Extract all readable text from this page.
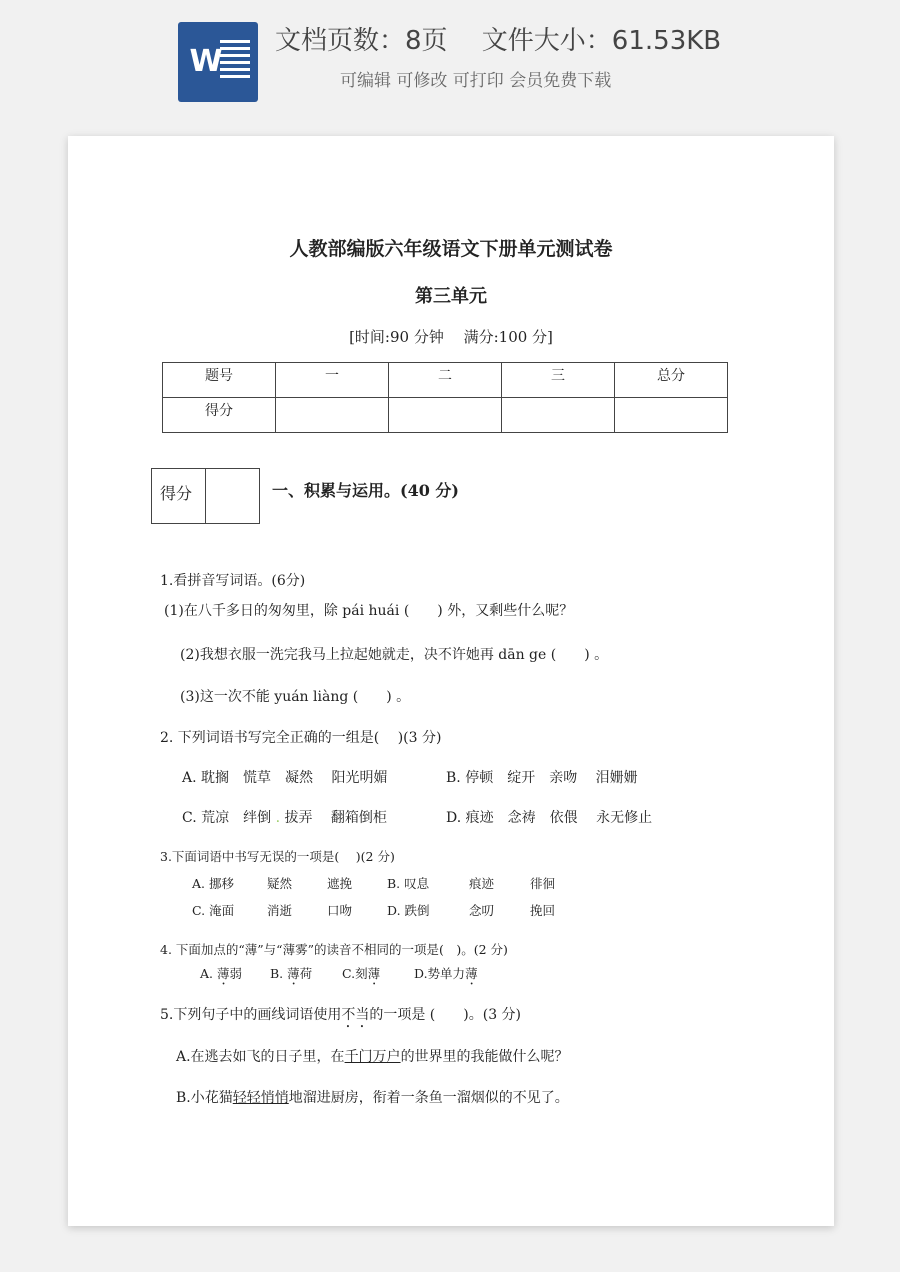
W
文档页数：8页　 文件大小：61.53KB
可编辑 可修改 可打印 会员免费下载
人教部编版六年级语文下册单元测试卷
第三单元
[时间:90 分钟　 满分:100 分]
题号	一	二	三	总分
得分				
得分	一、积累与运用。(40 分)
1.看拼音写词语。(6分)
(1)在八千多日的匆匆里，除 pái huái (　　) 外，又剩些什么呢？
(2)我想衣服一洗完我马上拉起她就走，决不许她再 dān ge (　　) 。
(3)这一次不能 yuán liàng (　　) 。
2. 下列词语书写完全正确的一组是(　 )(3 分)
A. 耽搁　慌草　凝然　 阳光明媚	B. 停顿　绽开　亲吻　 泪姗姗
C. 荒凉　绊倒 . 拔弄　 翻箱倒柜	D. 痕迹　念祷　依偎　 永无修止
3.下面词语中书写无误的一项是(　 )(2 分)
A. 挪移	疑然	遮挽	B. 叹息	痕迹	徘徊
C. 淹面	消逝	口吻	D. 跌倒	念叨	挽回
4. 下面加点的“薄”与“薄雾”的读音不相同的一项是(　)。(2 分)
A. 薄弱 B. 薄荷 C.刻薄	D.势单力薄
5.下列句子中的画线词语使用不当的一项是 (　　)。(3 分)
A.在逃去如飞的日子里，在千门万户的世界里的我能做什么呢？
B.小花猫轻轻悄悄地溜进厨房，衔着一条鱼一溜烟似的不见了。
